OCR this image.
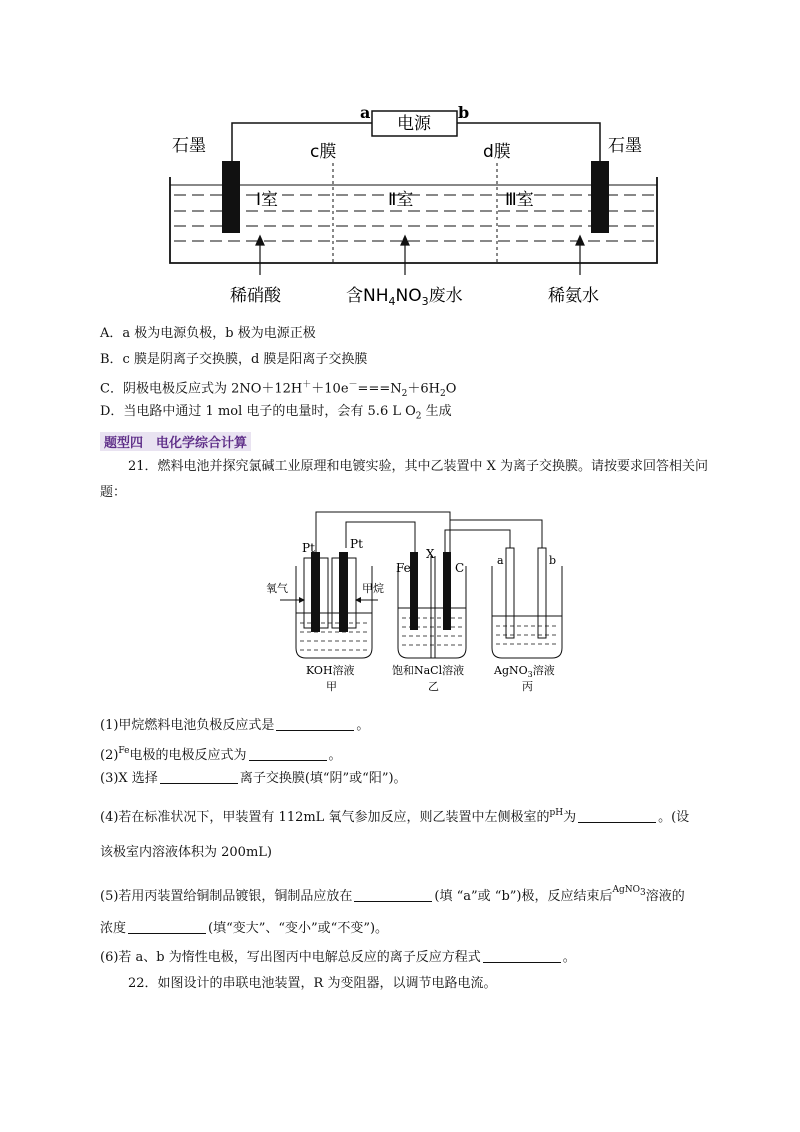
电源
a	b
石墨	石墨
c膜	d膜
Ⅰ室	Ⅱ室	Ⅲ室
稀硝酸	含$NH_4NO_3$废水	稀氨水
A．a 极为电源负极，b 极为电源正极
B．c 膜是阴离子交换膜，d 膜是阳离子交换膜
C．阴极电极反应式为 $2NO+12H^++10e^-===N_2+6H_2O$
D．当电路中通过 1 mol 电子的电量时，会有 5.6 L $O_2$ 生成
题型四　电化学综合计算
21．燃料电池并探究氯碱工业原理和电镀实验，其中乙装置中 X 为离子交换膜。请按要求回答相关问
题：
Pt	Pt
氧气	甲烷
KOH溶液
甲
Fe
X
C
饱和NaCl溶液
乙
a	b
AgNO$_3$溶液
丙
(1)甲烷燃料电池负极反应式是	。
$(2)^{Fe}$电极的电极反应式为	。
(3)X 选择	离子交换膜(填“阴”或“阳”)。
(4)若在标准状况下，甲装置有 112mL 氧气参加反应，则乙装置中左侧极室的$^{pH}$为	。(设
该极室内溶液体积为 200mL)
(5)若用丙装置给铜制品镀银，铜制品应放在	(填 “a”或 “b”)极，反应结束后$^{AgNO_3}$溶液的
浓度	(填“变大”、“变小”或“不变”)。
(6)若 a、b 为惰性电极，写出图丙中电解总反应的离子反应方程式	。
22．如图设计的串联电池装置，R 为变阻器，以调节电路电流。
